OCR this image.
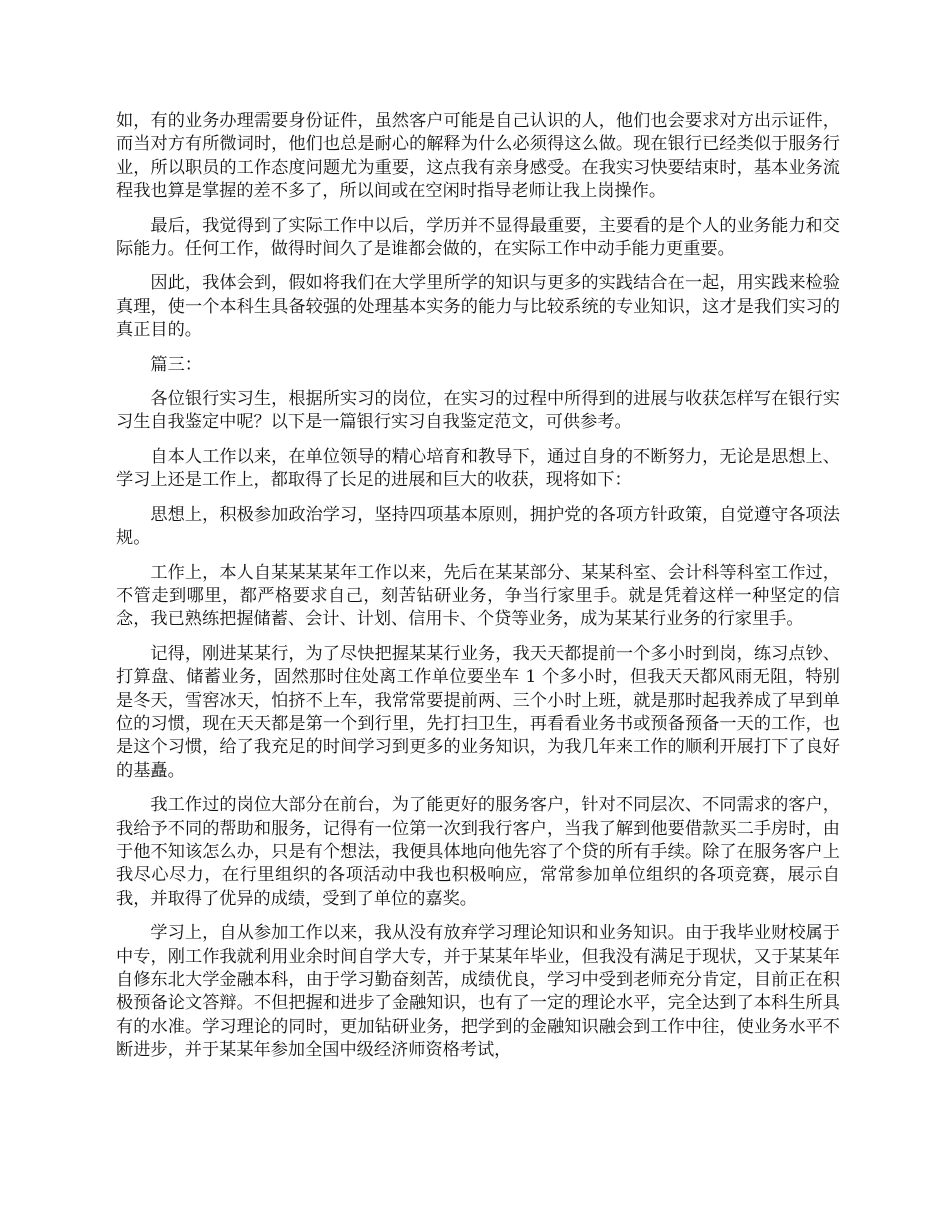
如，有的业务办理需要身份证件，虽然客户可能是自己认识的人，他们也会要求对方出示证件，而当对方有所微词时，他们也总是耐心的解释为什么必须得这么做。现在银行已经类似于服务行业，所以职员的工作态度问题尤为重要，这点我有亲身感受。在我实习快要结束时，基本业务流程我也算是掌握的差不多了，所以间或在空闲时指导老师让我上岗操作。

最后，我觉得到了实际工作中以后，学历并不显得最重要，主要看的是个人的业务能力和交际能力。任何工作，做得时间久了是谁都会做的，在实际工作中动手能力更重要。

因此，我体会到，假如将我们在大学里所学的知识与更多的实践结合在一起，用实践来检验真理，使一个本科生具备较强的处理基本实务的能力与比较系统的专业知识，这才是我们实习的真正目的。

篇三：

各位银行实习生，根据所实习的岗位，在实习的过程中所得到的进展与收获怎样写在银行实习生自我鉴定中呢？以下是一篇银行实习自我鉴定范文，可供参考。

自本人工作以来，在单位领导的精心培育和教导下，通过自身的不断努力，无论是思想上、学习上还是工作上，都取得了长足的进展和巨大的收获，现将如下：

思想上，积极参加政治学习，坚持四项基本原则，拥护党的各项方针政策，自觉遵守各项法规。

工作上，本人自某某某某年工作以来，先后在某某部分、某某科室、会计科等科室工作过，不管走到哪里，都严格要求自己，刻苦钻研业务，争当行家里手。就是凭着这样一种坚定的信念，我已熟练把握储蓄、会计、计划、信用卡、个贷等业务，成为某某行业务的行家里手。

记得，刚进某某行，为了尽快把握某某行业务，我天天都提前一个多小时到岗，练习点钞、打算盘、储蓄业务，固然那时住处离工作单位要坐车 1 个多小时，但我天天都风雨无阻，特别是冬天，雪窖冰天，怕挤不上车，我常常要提前两、三个小时上班，就是那时起我养成了早到单位的习惯，现在天天都是第一个到行里，先打扫卫生，再看看业务书或预备预备一天的工作，也是这个习惯，给了我充足的时间学习到更多的业务知识，为我几年来工作的顺利开展打下了良好的基矗。

我工作过的岗位大部分在前台，为了能更好的服务客户，针对不同层次、不同需求的客户，我给予不同的帮助和服务，记得有一位第一次到我行客户，当我了解到他要借款买二手房时，由于他不知该怎么办，只是有个想法，我便具体地向他先容了个贷的所有手续。除了在服务客户上我尽心尽力，在行里组织的各项活动中我也积极响应，常常参加单位组织的各项竞赛，展示自我，并取得了优异的成绩，受到了单位的嘉奖。

学习上，自从参加工作以来，我从没有放弃学习理论知识和业务知识。由于我毕业财校属于中专，刚工作我就利用业余时间自学大专，并于某某年毕业，但我没有满足于现状，又于某某年自修东北大学金融本科，由于学习勤奋刻苦，成绩优良，学习中受到老师充分肯定，目前正在积极预备论文答辩。不但把握和进步了金融知识，也有了一定的理论水平，完全达到了本科生所具有的水准。学习理论的同时，更加钻研业务，把学到的金融知识融会到工作中往，使业务水平不断进步，并于某某年参加全国中级经济师资格考试，
